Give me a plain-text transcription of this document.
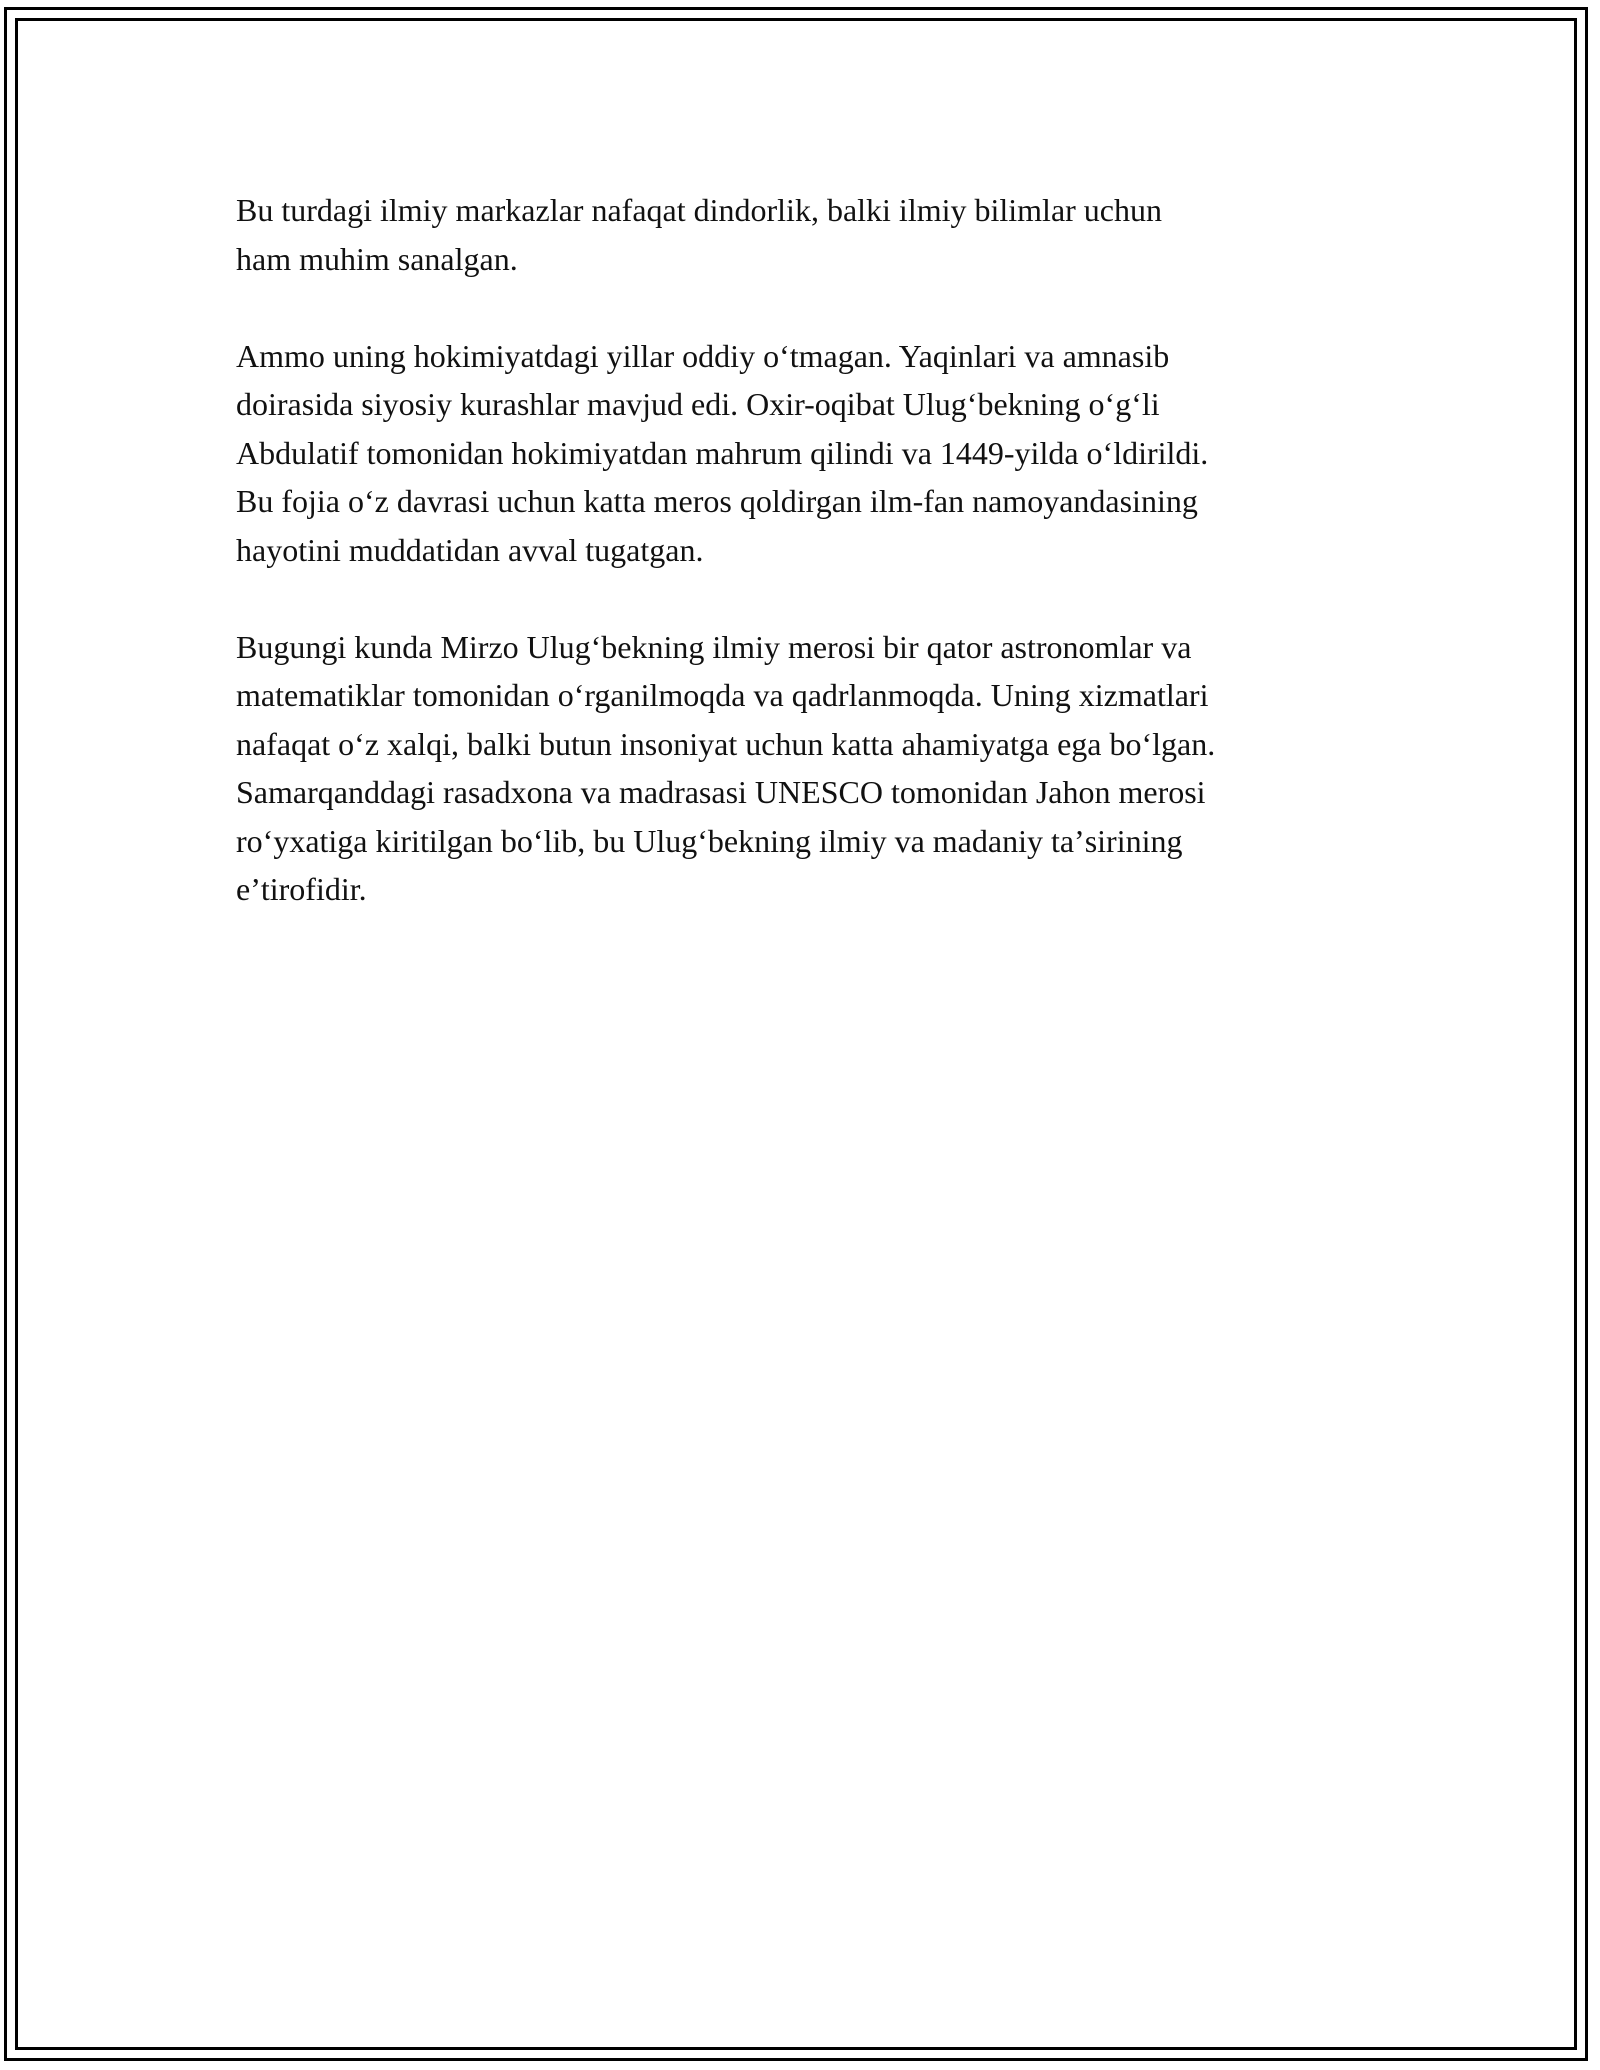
Bu turdagi ilmiy markazlar nafaqat dindorlik, balki ilmiy bilimlar uchun
ham muhim sanalgan.

Ammo uning hokimiyatdagi yillar oddiy oʻtmagan. Yaqinlari va amnasib
doirasida siyosiy kurashlar mavjud edi. Oxir-oqibat Ulugʻbekning oʻgʻli
Abdulatif tomonidan hokimiyatdan mahrum qilindi va 1449-yilda oʻldirildi.
Bu fojia oʻz davrasi uchun katta meros qoldirgan ilm-fan namoyandasining
hayotini muddatidan avval tugatgan.

Bugungi kunda Mirzo Ulugʻbekning ilmiy merosi bir qator astronomlar va
matematiklar tomonidan oʻrganilmoqda va qadrlanmoqda. Uning xizmatlari
nafaqat oʻz xalqi, balki butun insoniyat uchun katta ahamiyatga ega boʻlgan.
Samarqanddagi rasadxona va madrasasi UNESCO tomonidan Jahon merosi
roʻyxatiga kiritilgan boʻlib, bu Ulugʻbekning ilmiy va madaniy taʼsirining
eʼtirofidir.
